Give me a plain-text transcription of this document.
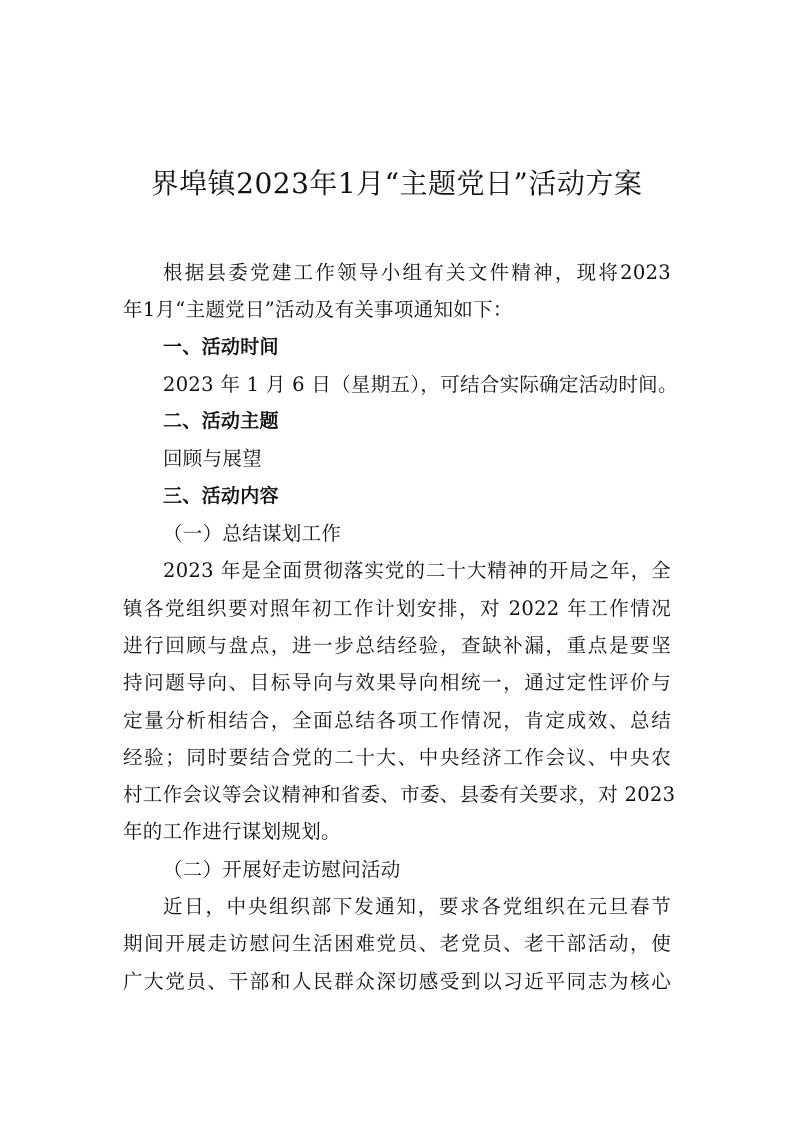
界埠镇2023年1月“主题党日”活动方案
根据县委党建工作领导小组有关文件精神，现将2023
年1月“主题党日”活动及有关事项通知如下：
一、活动时间
2023 年 1 月 6 日（星期五），可结合实际确定活动时间。
二、活动主题
回顾与展望
三、活动内容
（一）总结谋划工作
2023 年是全面贯彻落实党的二十大精神的开局之年，全
镇各党组织要对照年初工作计划安排，对 2022 年工作情况
进行回顾与盘点，进一步总结经验，查缺补漏，重点是要坚
持问题导向、目标导向与效果导向相统一，通过定性评价与
定量分析相结合，全面总结各项工作情况，肯定成效、总结
经验；同时要结合党的二十大、中央经济工作会议、中央农
村工作会议等会议精神和省委、市委、县委有关要求，对 2023
年的工作进行谋划规划。
（二）开展好走访慰问活动
近日，中央组织部下发通知，要求各党组织在元旦春节
期间开展走访慰问生活困难党员、老党员、老干部活动，使
广大党员、干部和人民群众深切感受到以习近平同志为核心
